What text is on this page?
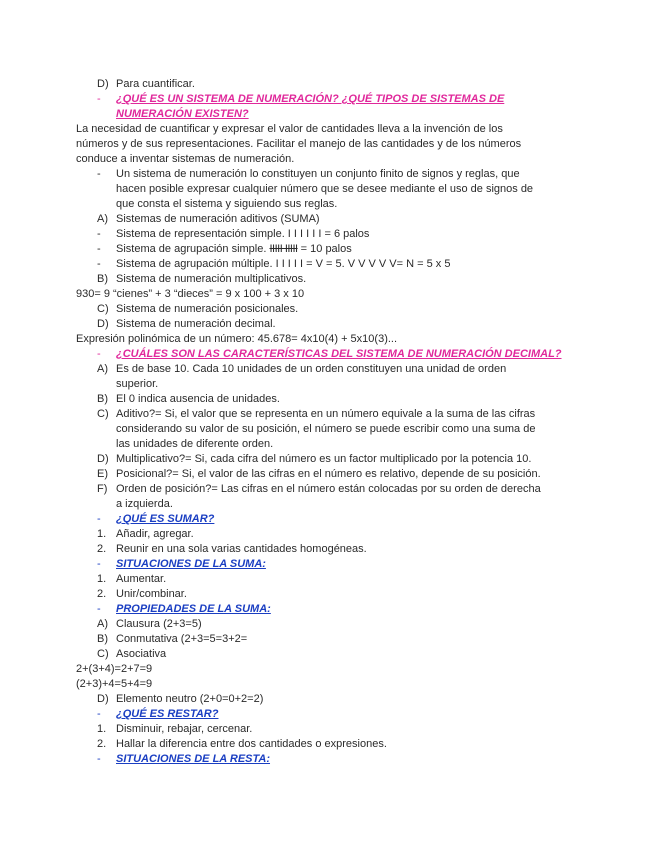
D) Para cuantificar.
- ¿QUÉ ES UN SISTEMA DE NUMERACIÓN? ¿QUÉ TIPOS DE SISTEMAS DE
NUMERACIÓN EXISTEN?
La necesidad de cuantificar y expresar el valor de cantidades lleva a la invención de los
números y de sus representaciones. Facilitar el manejo de las cantidades y de los números
conduce a inventar sistemas de numeración.
- Un sistema de numeración lo constituyen un conjunto finito de signos y reglas, que
hacen posible expresar cualquier número que se desee mediante el uso de signos de
que consta el sistema y siguiendo sus reglas.
A) Sistemas de numeración aditivos (SUMA)
- Sistema de representación simple. I I I I I I = 6 palos
- Sistema de agrupación simple. IIIII IIIII = 10 palos
- Sistema de agrupación múltiple. I I I I I = V = 5. V V V V V= N = 5 x 5
B) Sistema de numeración multiplicativos.
930= 9 “cienes” + 3 “dieces” = 9 x 100 + 3 x 10
C) Sistema de numeración posicionales.
D) Sistema de numeración decimal.
Expresión polinómica de un número: 45.678= 4x10(4) + 5x10(3)...
- ¿CUÁLES SON LAS CARACTERÍSTICAS DEL SISTEMA DE NUMERACIÓN DECIMAL?
A) Es de base 10. Cada 10 unidades de un orden constituyen una unidad de orden
superior.
B) El 0 indica ausencia de unidades.
C) Aditivo?= Si, el valor que se representa en un número equivale a la suma de las cifras
considerando su valor de su posición, el número se puede escribir como una suma de
las unidades de diferente orden.
D) Multiplicativo?= Si, cada cifra del número es un factor multiplicado por la potencia 10.
E) Posicional?= Si, el valor de las cifras en el número es relativo, depende de su posición.
F) Orden de posición?= Las cifras en el número están colocadas por su orden de derecha
a izquierda.
- ¿QUÉ ES SUMAR?
1. Añadir, agregar.
2. Reunir en una sola varias cantidades homogéneas.
- SITUACIONES DE LA SUMA:
1. Aumentar.
2. Unir/combinar.
- PROPIEDADES DE LA SUMA:
A) Clausura (2+3=5)
B) Conmutativa (2+3=5=3+2=
C) Asociativa
2+(3+4)=2+7=9
(2+3)+4=5+4=9
D) Elemento neutro (2+0=0+2=2)
- ¿QUÉ ES RESTAR?
1. Disminuir, rebajar, cercenar.
2. Hallar la diferencia entre dos cantidades o expresiones.
- SITUACIONES DE LA RESTA:
